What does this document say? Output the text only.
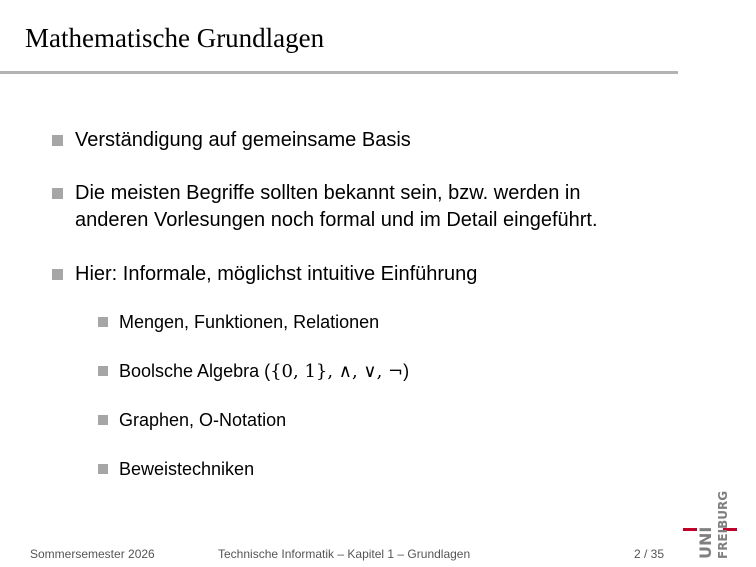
Mathematische Grundlagen
Verständigung auf gemeinsame Basis
Die meisten Begriffe sollten bekannt sein, bzw. werden in
anderen Vorlesungen noch formal und im Detail eingeführt.
Hier: Informale, möglichst intuitive Einführung
Mengen, Funktionen, Relationen
Boolsche Algebra ({0, 1}, ∧, ∨, ¬)
Graphen, O-Notation
Beweistechniken
Sommersemester 2026	Technische Informatik – Kapitel 1 – Grundlagen	2 / 35 UNI FREIBURG
